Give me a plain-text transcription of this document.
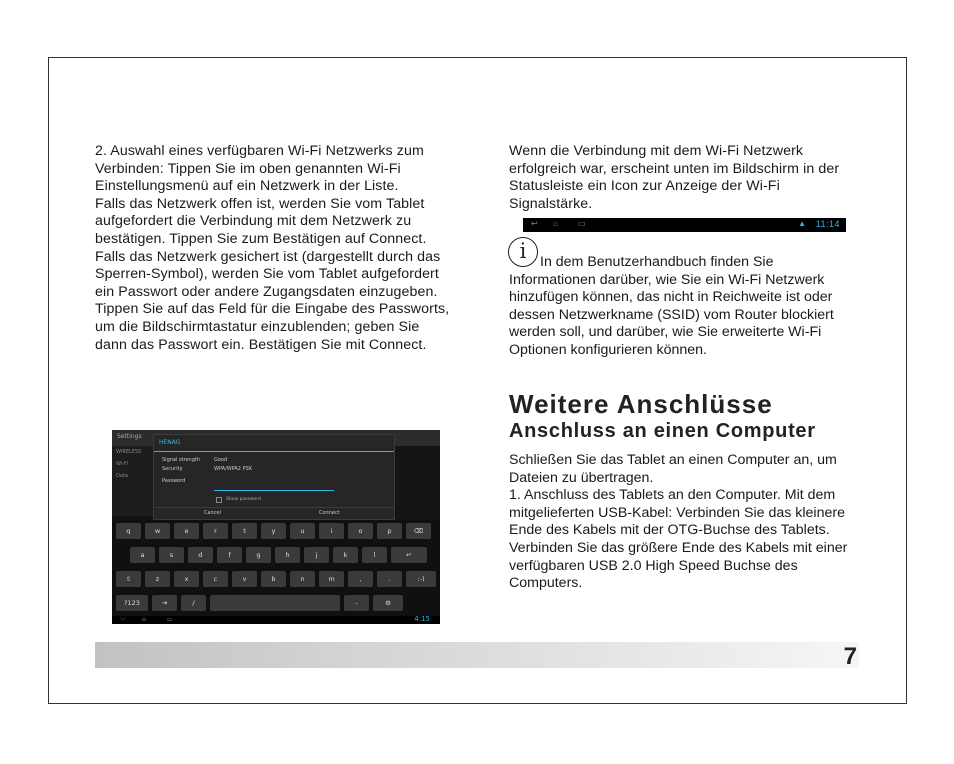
2. Auswahl eines verfügbaren Wi-Fi Netzwerks zum Verbinden: Tippen Sie im oben genannten Wi-Fi Einstellungsmenü auf ein Netzwerk in der Liste.

Falls das Netzwerk offen ist, werden Sie vom Tablet aufgefordert die Verbindung mit dem Netzwerk zu bestätigen. Tippen Sie zum Bestätigen auf Connect.

Falls das Netzwerk gesichert ist (dargestellt durch das Sperren-Symbol), werden Sie vom Tablet aufgefordert ein Passwort oder andere Zugangsdaten einzugeben. Tippen Sie auf das Feld für die Eingabe des Passworts, um die Bildschirmtastatur einzublenden; geben Sie dann das Passwort ein. Bestätigen Sie mit Connect.

Settings
WIRELESS
Wi-Fi
Data
HENAG
Signal strength	Good
Security	WPA/WPA2 PSK
Password
Show password
Cancel	Connect
q	w	e	r	t	y	u	i	o	p	⌫
a	s	d	f	g	h	j	k	l	↵
⇧	z	x	c	v	b	n	m	,	.	:-)
?123	⇥	/	-	⚙
﹀	⌂	▭	4:15

Wenn die Verbindung mit dem Wi-Fi Netzwerk erfolgreich war, erscheint unten im Bildschirm in der Statusleiste ein Icon zur Anzeige der Wi-Fi Signalstärke.

↩ ⌂	▭	▲ 11:14
i In dem Benutzerhandbuch finden Sie Informationen darüber, wie Sie ein Wi-Fi Netzwerk hinzufügen können, das nicht in Reichweite ist oder dessen Netzwerkname (SSID) vom Router blockiert werden soll, und darüber, wie Sie erweiterte Wi-Fi Optionen konfigurieren können.
Weitere Anschlüsse
Anschluss an einen Computer

Schließen Sie das Tablet an einen Computer an, um Dateien zu übertragen.

1. Anschluss des Tablets an den Computer. Mit dem mitgelieferten USB-Kabel: Verbinden Sie das kleinere Ende des Kabels mit der OTG-Buchse des Tablets. Verbinden Sie das größere Ende des Kabels mit einer verfügbaren USB 2.0 High Speed Buchse des Computers.

7
